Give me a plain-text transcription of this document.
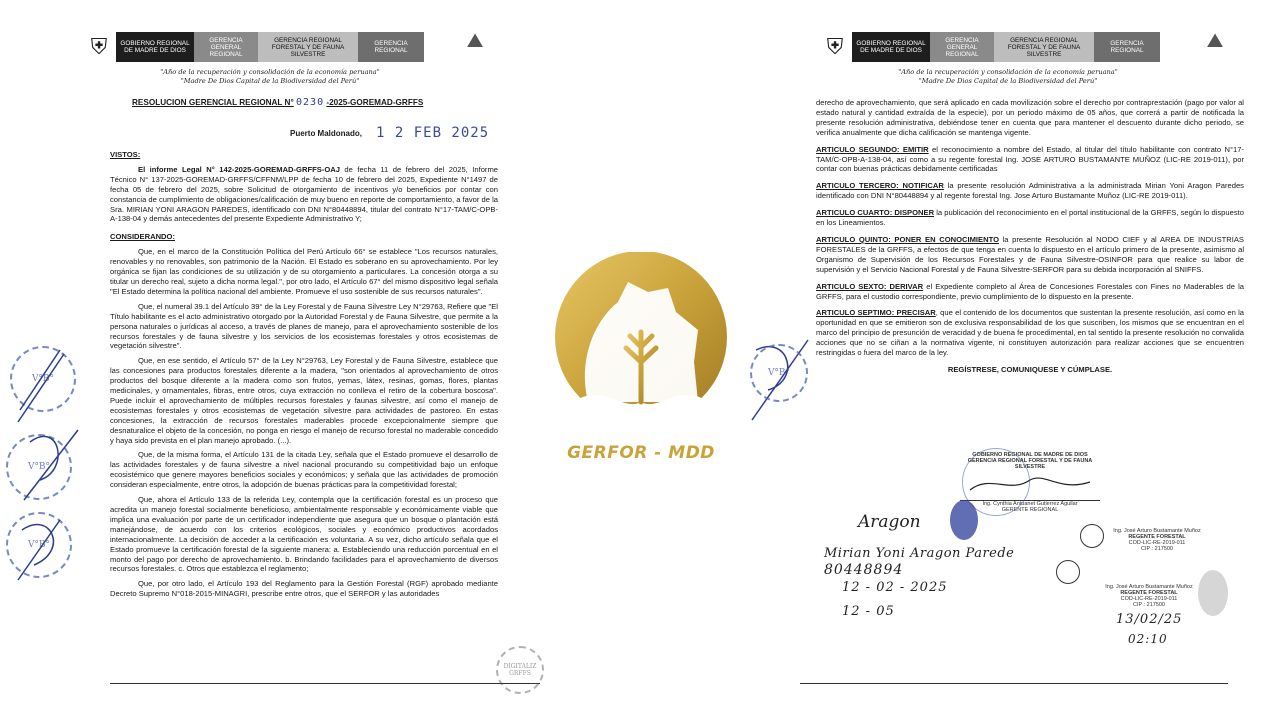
⛨	GOBIERNO REGIONAL DE MADRE DE DIOS
GERENCIA GENERAL REGIONAL
GERENCIA REGIONAL FORESTAL Y DE FAUNA SILVESTRE
GERENCIA REGIONAL	⛰
"Año de la recuperación y consolidación de la economía peruana"
"Madre De Dios Capital de la Biodiversidad del Perú"
RESOLUCION GERENCIAL REGIONAL N° 0230 -2025-GOREMAD-GRFFS
Puerto Maldonado, 1 2 FEB 2025

VISTOS:

El informe Legal N° 142-2025-GOREMAD-GRFFS-OAJ de fecha 11 de febrero del 2025, Informe Técnico N° 137-2025-GOREMAD-GRFFS/CFFNM/LPP de fecha 10 de febrero del 2025, Expediente N°1497 de fecha 05 de febrero del 2025, sobre Solicitud de otorgamiento de incentivos y/o beneficios por contar con constancia de cumplimiento de obligaciones/calificación de muy bueno en reporte de comportamiento, a favor de la Sra. MIRIAN YONI ARAGON PAREDES, identificado con DNI N°80448894, titular del contrato N°17-TAM/C-OPB-A-138-04 y demás antecedentes del presente Expediente Administrativo Y;

CONSIDERANDO:

Que, en el marco de la Constitución Política del Perú Artículo 66° se establece "Los recursos naturales, renovables y no renovables, son patrimonio de la Nación. El Estado es soberano en su aprovechamiento. Por ley orgánica se fijan las condiciones de su utilización y de su otorgamiento a particulares. La concesión otorga a su titular un derecho real, sujeto a dicha norma legal.", por otro lado, el Artículo 67° del mismo dispositivo legal señala "El Estado determina la política nacional del ambiente. Promueve el uso sostenible de sus recursos naturales".

Que, el numeral 39.1 del Artículo 39° de la Ley Forestal y de Fauna Silvestre Ley N°29763, Refiere que "El Título habilitante es el acto administrativo otorgado por la Autoridad Forestal y de Fauna Silvestre, que permite a la persona naturales o jurídicas al acceso, a través de planes de manejo, para el aprovechamiento sostenible de los recursos forestales y de fauna silvestre y los servicios de los ecosistemas forestales y otros ecosistemas de vegetación silvestre".

Que, en ese sentido, el Artículo 57° de la Ley N°29763, Ley Forestal y de Fauna Silvestre, establece que las concesiones para productos forestales diferente a la madera, "son orientados al aprovechamiento de otros productos del bosque diferente a la madera como son frutos, yemas, látex, resinas, gomas, flores, plantas medicinales, y ornamentales, fibras, entre otros, cuya extracción no conlleva el retiro de la cobertura boscosa". Puede incluir el aprovechamiento de múltiples recursos forestales y faunas silvestre, así como el manejo de ecosistemas forestales y otros ecosistemas de vegetación silvestre para actividades de pastoreo. En estas concesiones, la extracción de recursos forestales maderables procede excepcionalmente siempre que desnaturalice el objeto de la concesión, no ponga en riesgo el manejo de recurso forestal no maderable concedido y haya sido prevista en el plan manejo aprobado. (...).

Que, de la misma forma, el Artículo 131 de la citada Ley, señala que el Estado promueve el desarrollo de las actividades forestales y de fauna silvestre a nivel nacional procurando su competitividad bajo un enfoque ecosistémico que genere mayores beneficios sociales y económicos; y señala que las actividades de promoción consideran especialmente, entre otros, la adopción de buenas prácticas para la competitividad forestal;

Que, ahora el Artículo 133 de la referida Ley, contempla que la certificación forestal es un proceso que acredita un manejo forestal socialmente beneficioso, ambientalmente responsable y económicamente viable que implica una evaluación por parte de un certificador independiente que asegura que un bosque o plantación está manejándose, de acuerdo con los criterios ecológicos, sociales y económico productivos acordados internacionalmente. La decisión de acceder a la certificación es voluntaria. A su vez, dicho artículo señala que el Estado promueve la certificación forestal de la siguiente manera: a. Estableciendo una reducción porcentual en el monto del pago por derecho de aprovechamiento. b. Brindando facilidades para el aprovechamiento de diversos recursos forestales. c. Otros que establezca el reglamento;

Que, por otro lado, el Artículo 193 del Reglamento para la Gestión Forestal (RGF) aprobado mediante Decreto Supremo N°018-2015-MINAGRI, prescribe entre otros, que el SERFOR y las autoridades

V°B°
V°B°
V°B°
DIGITALIZ GRFFS
GERFOR - MDD
⛨	GOBIERNO REGIONAL DE MADRE DE DIOS
GERENCIA GENERAL REGIONAL
GERENCIA REGIONAL FORESTAL Y DE FAUNA SILVESTRE
GERENCIA REGIONAL	⛰
"Año de la recuperación y consolidación de la economía peruana"
"Madre De Dios Capital de la Biodiversidad del Perú"

derecho de aprovechamiento, que será aplicado en cada movilización sobre el derecho por contraprestación (pago por valor al estado natural y cantidad extraída de la especie), por un periodo máximo de 05 años, que correrá a partir de notificada la presente resolución administrativa, debiéndose tener en cuenta que para mantener el descuento durante dicho periodo, se verifica anualmente que dicha calificación se mantenga vigente.

ARTICULO SEGUNDO: EMITIR el reconocimiento a nombre del Estado, al titular del título habilitante con contrato N°17-TAM/C-OPB-A-138-04, así como a su regente forestal Ing. JOSE ARTURO BUSTAMANTE MUÑOZ (LIC-RE 2019-011), por contar con buenas prácticas debidamente certificadas

ARTICULO TERCERO: NOTIFICAR la presente resolución Administrativa a la administrada Mirian Yoni Aragon Paredes identificado con DNI N°80448894 y al regente forestal Ing. Jose Arturo Bustamante Muñoz (LIC-RE 2019-011).

ARTICULO CUARTO: DISPONER la publicación del reconocimiento en el portal institucional de la GRFFS, según lo dispuesto en los Lineamientos.

ARTICULO QUINTO: PONER EN CONOCIMIENTO la presente Resolución al NODO CIEF y al AREA DE INDUSTRIAS FORESTALES de la GRFFS, a efectos de que tenga en cuenta lo dispuesto en el artículo primero de la presente, asimismo al Organismo de Supervisión de los Recursos Forestales y de Fauna Silvestre-OSINFOR para que realice su labor de supervisión y el Servicio Nacional Forestal y de Fauna Silvestre-SERFOR para su debida incorporación al SNIFFS.

ARTICULO SEXTO: DERIVAR el Expediente completo al Área de Concesiones Forestales con Fines no Maderables de la GRFFS, para el custodio correspondiente, previo cumplimiento de lo dispuesto en la presente.

ARTICULO SEPTIMO: PRECISAR, que el contenido de los documentos que sustentan la presente resolución, así como en la oportunidad en que se emitieron son de exclusiva responsabilidad de los que suscriben, los mismos que se encuentran en el marco del principio de presunción de veracidad y de buena fe procedimental, en tal sentido la presente resolución no convalida acciones que no se ciñan a la normativa vigente, ni constituyen autorización para realizar acciones que se encuentren restringidas o fuera del marco de la ley.

REGÍSTRESE, COMUNIQUESE Y CÚMPLASE.

GOBIERNO REGIONAL DE MADRE DE DIOS
GERENCIA REGIONAL FORESTAL Y DE FAUNA SILVESTRE
Ing. Cynthia Antuanet Gutierrez Aguilar
GERENTE REGIONAL
Aragon
Mirian Yoni Aragon Parede
80448894
12 - 02 - 2025
12 - 05
Ing. José Arturo Bustamante Muñoz
REGENTE FORESTAL
COD-LIC-RE-2019-011
CIP : 217500
Ing. José Arturo Bustamante Muñoz
REGENTE FORESTAL
COD-LIC-RE-2019-011
CIP : 217500
13/02/25
02:10
V°B°
